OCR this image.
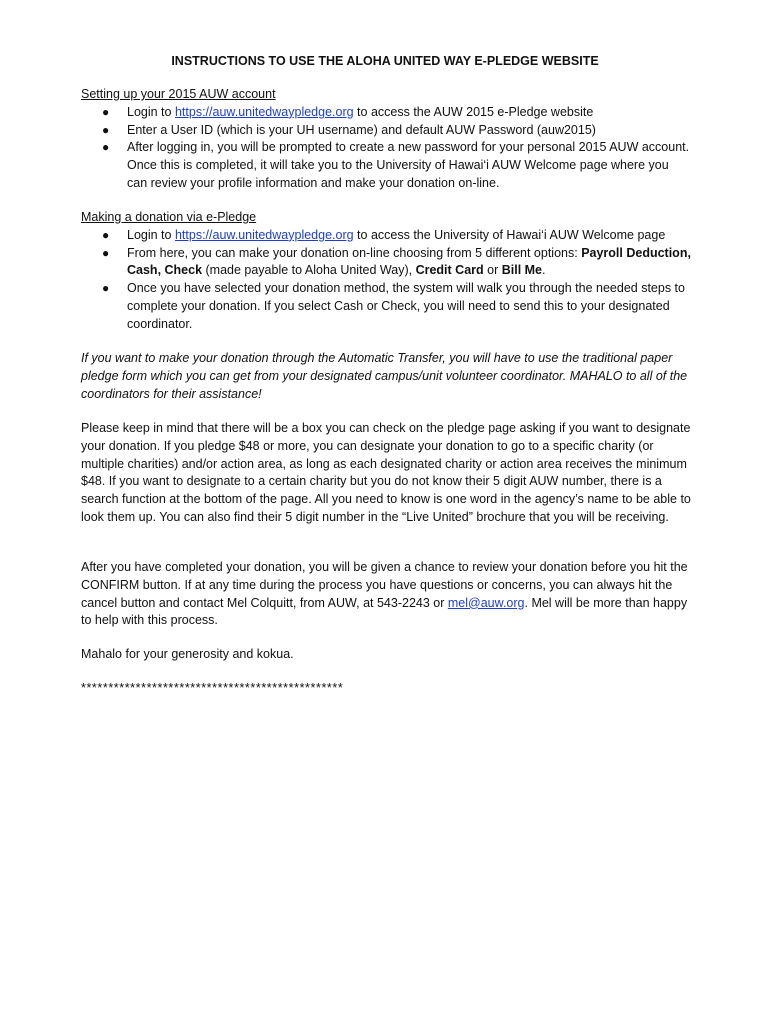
INSTRUCTIONS TO USE THE ALOHA UNITED WAY E-PLEDGE WEBSITE

Setting up your 2015 AUW account

● Login to https://auw.unitedwaypledge.org to access the AUW 2015 e-Pledge website
● Enter a User ID (which is your UH username) and default AUW Password (auw2015)
● After logging in, you will be prompted to create a new password for your personal 2015 AUW account. Once this is completed, it will take you to the University of Hawai‘i AUW Welcome page where you can review your profile information and make your donation on-line.

Making a donation via e-Pledge

● Login to https://auw.unitedwaypledge.org to access the University of Hawai‘i AUW Welcome page
● From here, you can make your donation on-line choosing from 5 different options: Payroll Deduction, Cash, Check (made payable to Aloha United Way), Credit Card or Bill Me.
● Once you have selected your donation method, the system will walk you through the needed steps to complete your donation. If you select Cash or Check, you will need to send this to your designated coordinator.

If you want to make your donation through the Automatic Transfer, you will have to use the traditional paper pledge form which you can get from your designated campus/unit volunteer coordinator. MAHALO to all of the coordinators for their assistance!

Please keep in mind that there will be a box you can check on the pledge page asking if you want to designate your donation. If you pledge $48 or more, you can designate your donation to go to a specific charity (or multiple charities) and/or action area, as long as each designated charity or action area receives the minimum $48. If you want to designate to a certain charity but you do not know their 5 digit AUW number, there is a search function at the bottom of the page. All you need to know is one word in the agency’s name to be able to look them up. You can also find their 5 digit number in the “Live United” brochure that you will be receiving.

After you have completed your donation, you will be given a chance to review your donation before you hit the CONFIRM button. If at any time during the process you have questions or concerns, you can always hit the cancel button and contact Mel Colquitt, from AUW, at 543-2243 or mel@auw.org. Mel will be more than happy to help with this process.

Mahalo for your generosity and kokua.

************************************************
